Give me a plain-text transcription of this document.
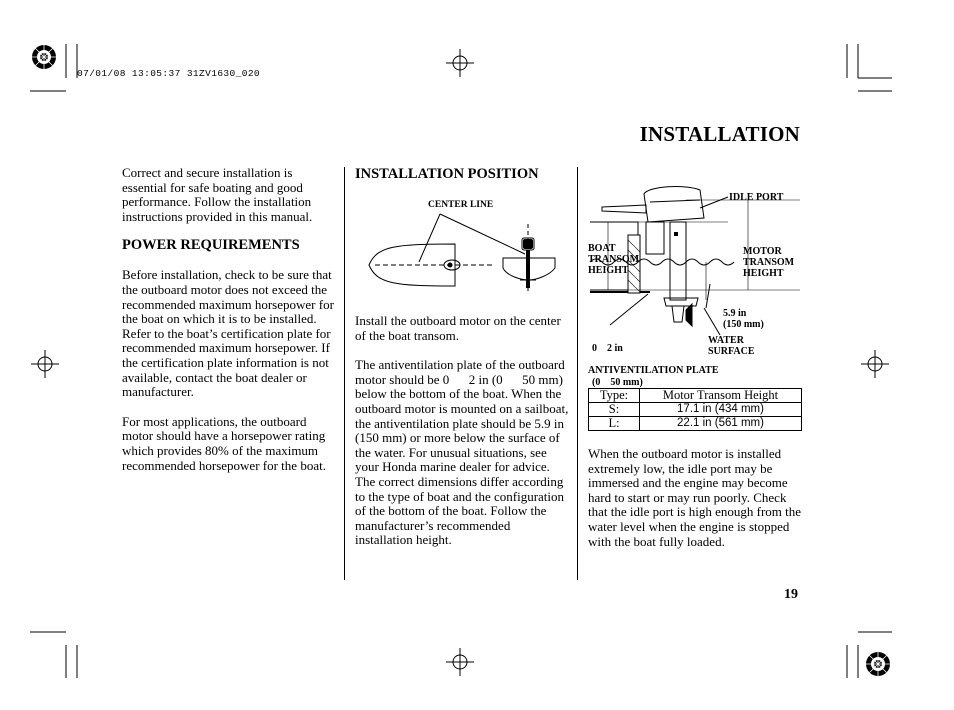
07/01/08 13:05:37 31ZV1630_020
INSTALLATION

Correct and secure installation is essential for safe boating and good performance. Follow the installation instructions provided in this manual.

POWER REQUIREMENTS

Before installation, check to be sure that the outboard motor does not exceed the recommended maximum horsepower for the boat on which it is to be installed. Refer to the boat’s certification plate for recommended maximum horsepower. If the certification plate information is not available, contact the boat dealer or manufacturer.

For most applications, the outboard motor should have a horsepower rating which provides 80% of the maximum recommended horsepower for the boat.

INSTALLATION POSITION
CENTER LINE

Install the outboard motor on the center of the boat transom.

The antiventilation plate of the outboard motor should be 0      2 in (0      50 mm) below the bottom of the boat. When the outboard motor is mounted on a sailboat, the antiventilation plate should be 5.9 in (150 mm) or more below the surface of the water. For unusual situations, see your Honda marine dealer for advice.

The correct dimensions differ according to the type of boat and the configuration of the bottom of the boat. Follow the manufacturer’s recommended installation height.

IDLE PORT
BOAT
TRANSOM
HEIGHT
MOTOR
TRANSOM
HEIGHT

0    2 in

(0    50 mm)

5.9 in
(150 mm)
WATER
SURFACE
ANTIVENTILATION PLATE
Type:	Motor Transom Height
S:	17.1 in (434 mm)
L:	22.1 in (561 mm)

When the outboard motor is installed extremely low, the idle port may be immersed and the engine may become hard to start or may run poorly. Check that the idle port is high enough from the water level when the engine is stopped with the boat fully loaded.

19
